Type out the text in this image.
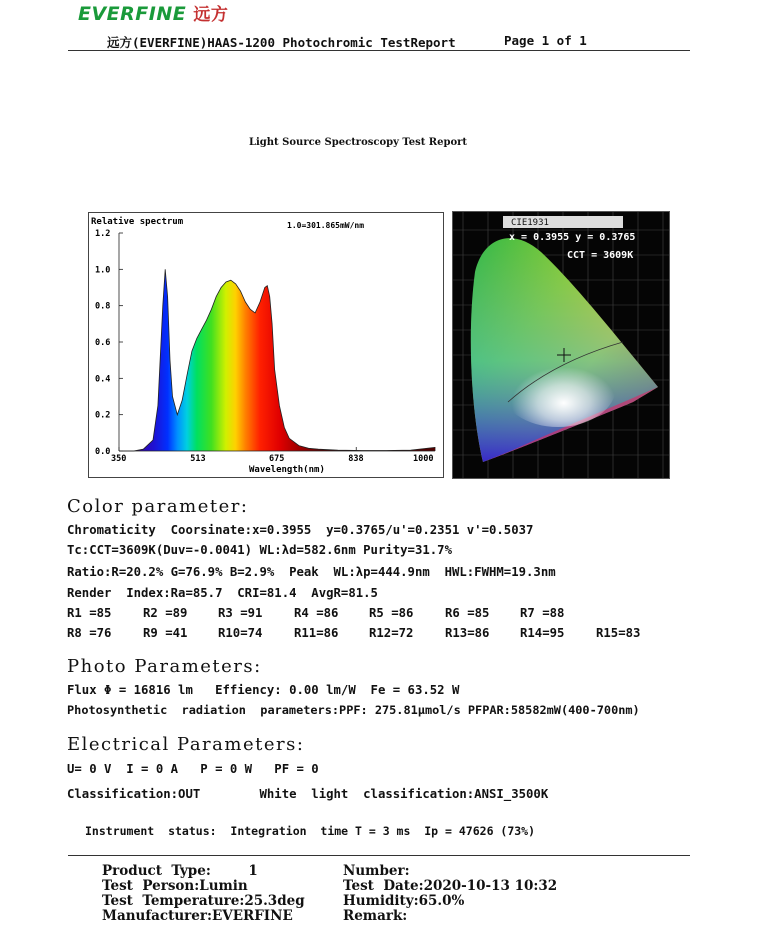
EVERFINE 远方
远方(EVERFINE)HAAS-1200 Photochromic TestReport	Page 1 of 1
Light Source Spectroscopy Test Report
Relative spectrum	1.0=301.865mW/nm
Wavelength(nm)
1.2
1.0
0.8
0.6
0.4
0.2
0.0
350	513	675	838	1000
CIE1931
x = 0.3955 y = 0.3765
CCT = 3609K
Color parameter:
Chromaticity  Coorsinate:x=0.3955  y=0.3765/u'=0.2351 v'=0.5037
Tc:CCT=3609K(Duv=-0.0041) WL:λd=582.6nm Purity=31.7%
Ratio:R=20.2% G=76.9% B=2.9%  Peak  WL:λp=444.9nm  HWL:FWHM=19.3nm
Render  Index:Ra=85.7  CRI=81.4  AvgR=81.5
R1 =85	R2 =89 R3 =91	R4 =86 R5 =86	R6 =85 R7 =88
R8 =76	R9 =41 R10=74	R11=86 R12=72	R13=86 R14=95	R15=83
Photo Parameters:
Flux Φ = 16816 lm   Effiency: 0.00 lm/W  Fe = 63.52 W
Photosynthetic  radiation  parameters:PPF: 275.81μmol/s PFPAR:58582mW(400-700nm)
Electrical Parameters:
U= 0 V  I = 0 A   P = 0 W   PF = 0
Classification:OUT        White  light  classification:ANSI_3500K
Instrument  status:  Integration  time T = 3 ms  Ip = 47626 (73%)
Product  Type:        1	Number:
Test  Person:Lumin	Test  Date:2020-10-13 10:32
Test  Temperature:25.3deg	Humidity:65.0%
Manufacturer:EVERFINE	Remark:
